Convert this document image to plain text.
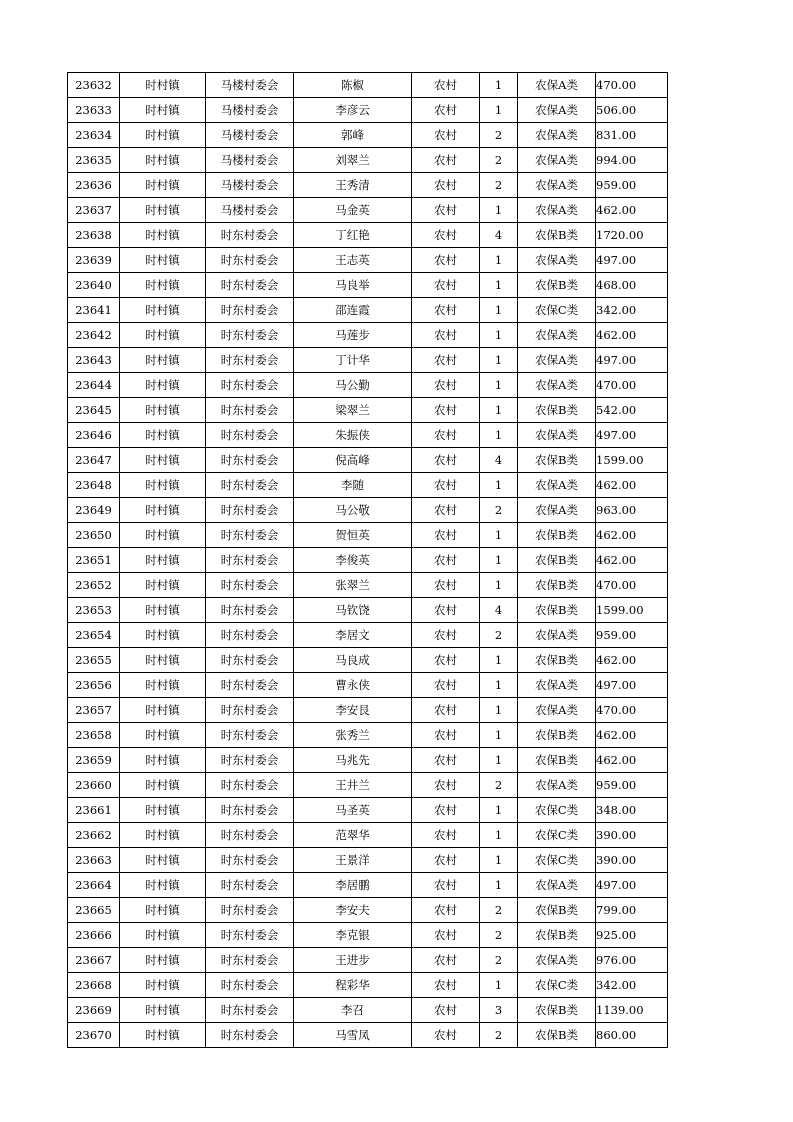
23632	时村镇	马楼村委会	陈椒	农村	1	农保A类	470.00
23633	时村镇	马楼村委会	李彦云	农村	1	农保A类	506.00
23634	时村镇	马楼村委会	郭峰	农村	2	农保A类	831.00
23635	时村镇	马楼村委会	刘翠兰	农村	2	农保A类	994.00
23636	时村镇	马楼村委会	王秀清	农村	2	农保A类	959.00
23637	时村镇	马楼村委会	马金英	农村	1	农保A类	462.00
23638	时村镇	时东村委会	丁红艳	农村	4	农保B类	1720.00
23639	时村镇	时东村委会	王志英	农村	1	农保A类	497.00
23640	时村镇	时东村委会	马良举	农村	1	农保B类	468.00
23641	时村镇	时东村委会	邵连霞	农村	1	农保C类	342.00
23642	时村镇	时东村委会	马莲步	农村	1	农保A类	462.00
23643	时村镇	时东村委会	丁计华	农村	1	农保A类	497.00
23644	时村镇	时东村委会	马公勤	农村	1	农保A类	470.00
23645	时村镇	时东村委会	梁翠兰	农村	1	农保B类	542.00
23646	时村镇	时东村委会	朱振侠	农村	1	农保A类	497.00
23647	时村镇	时东村委会	倪高峰	农村	4	农保B类	1599.00
23648	时村镇	时东村委会	李随	农村	1	农保A类	462.00
23649	时村镇	时东村委会	马公敬	农村	2	农保A类	963.00
23650	时村镇	时东村委会	贺恒英	农村	1	农保B类	462.00
23651	时村镇	时东村委会	李俊英	农村	1	农保B类	462.00
23652	时村镇	时东村委会	张翠兰	农村	1	农保B类	470.00
23653	时村镇	时东村委会	马钦饶	农村	4	农保B类	1599.00
23654	时村镇	时东村委会	李居文	农村	2	农保A类	959.00
23655	时村镇	时东村委会	马良成	农村	1	农保B类	462.00
23656	时村镇	时东村委会	曹永侠	农村	1	农保A类	497.00
23657	时村镇	时东村委会	李安艮	农村	1	农保A类	470.00
23658	时村镇	时东村委会	张秀兰	农村	1	农保B类	462.00
23659	时村镇	时东村委会	马兆先	农村	1	农保B类	462.00
23660	时村镇	时东村委会	王井兰	农村	2	农保A类	959.00
23661	时村镇	时东村委会	马圣英	农村	1	农保C类	348.00
23662	时村镇	时东村委会	范翠华	农村	1	农保C类	390.00
23663	时村镇	时东村委会	王景洋	农村	1	农保C类	390.00
23664	时村镇	时东村委会	李居鹏	农村	1	农保A类	497.00
23665	时村镇	时东村委会	李安夫	农村	2	农保B类	799.00
23666	时村镇	时东村委会	李克银	农村	2	农保B类	925.00
23667	时村镇	时东村委会	王进步	农村	2	农保A类	976.00
23668	时村镇	时东村委会	程彩华	农村	1	农保C类	342.00
23669	时村镇	时东村委会	李召	农村	3	农保B类	1139.00
23670	时村镇	时东村委会	马雪凤	农村	2	农保B类	860.00
